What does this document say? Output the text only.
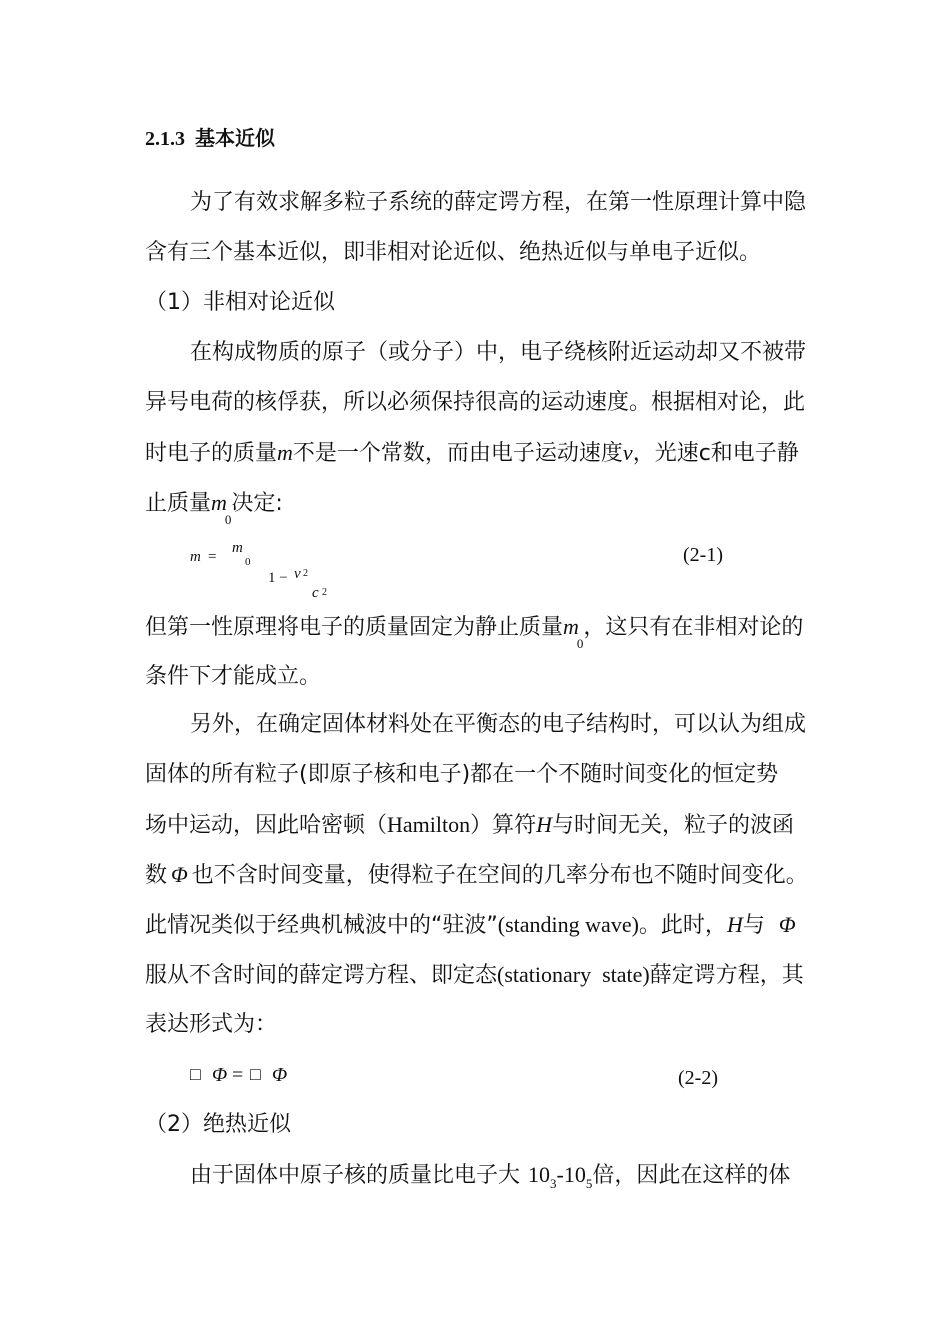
2.1.3 基本近似
为了有效求解多粒子系统的薛定谔方程，在第一性原理计算中隐
含有三个基本近似，即非相对论近似、绝热近似与单电子近似。
（1）非相对论近似
在构成物质的原子（或分子）中，电子绕核附近运动却又不被带
异号电荷的核俘获，所以必须保持很高的运动速度。根据相对论，此
时电子的质量m不是一个常数，而由电子运动速度v，光速c和电子静
止质量$m_0$决定:
m =
m
0
1 − v 2
c 2
(2-1)
但第一性原理将电子的质量固定为静止质量$m_0$，这只有在非相对论的
条件下才能成立。
另外，在确定固体材料处在平衡态的电子结构时，可以认为组成
固体的所有粒子(即原子核和电子)都在一个不随时间变化的恒定势
场中运动，因此哈密顿（Hamilton）算符H与时间无关，粒子的波函
数 Φ 也不含时间变量，使得粒子在空间的几率分布也不随时间变化。
此情况类似于经典机械波中的“驻波”(standing wave)。此时，H与 Φ
服从不含时间的薛定谔方程、即定态(stationary  state)薛定谔方程，其
表达形式为：
□ Φ = □ Φ	(2-2)
（2）绝热近似
由于固体中原子核的质量比电子大 $10_3-10_5$倍，因此在这样的体
